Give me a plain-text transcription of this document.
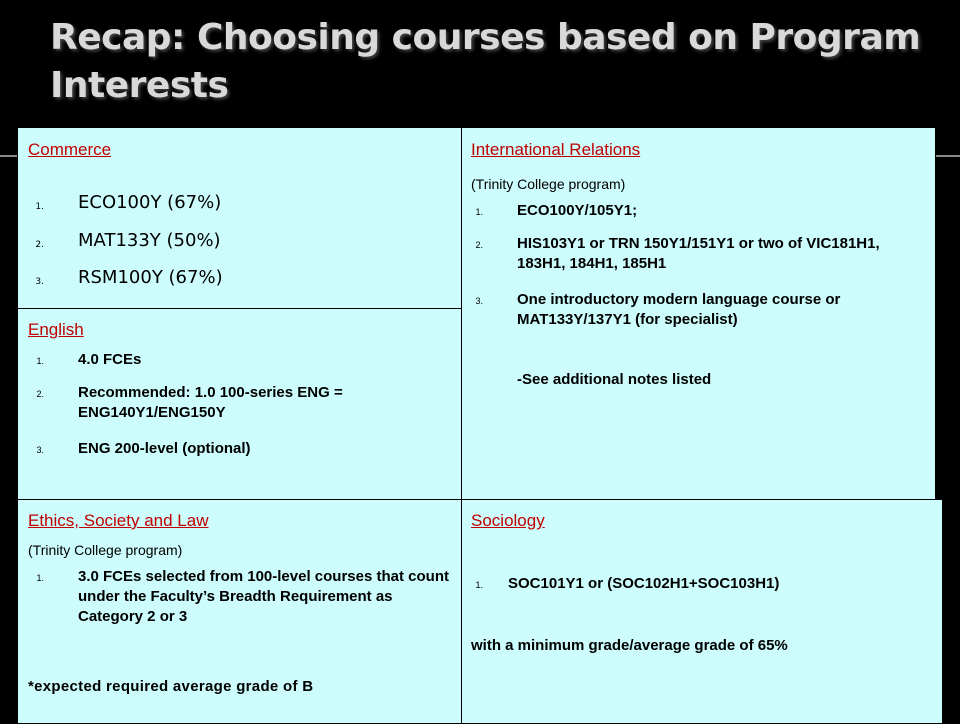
Recap: Choosing courses based on Program Interests
Commerce
1. ECO100Y (67%)
2. MAT133Y (50%)
3. RSM100Y (67%)
English
1. 4.0 FCEs
2. Recommended: 1.0 100-series ENG = ENG140Y1/ENG150Y
3. ENG 200-level (optional)
International Relations
(Trinity College program)
1. ECO100Y/105Y1;
2. HIS103Y1 or TRN 150Y1/151Y1 or two of VIC181H1, 183H1, 184H1, 185H1
3. One introductory modern language course or MAT133Y/137Y1 (for specialist)
-See additional notes listed
Ethics, Society and Law
(Trinity College program)
1. 3.0 FCEs selected from 100-level courses that count under the Faculty’s Breadth Requirement as Category 2 or 3
*expected required average grade of B
Sociology
1. SOC101Y1 or (SOC102H1+SOC103H1)
with a minimum grade/average grade of 65%
